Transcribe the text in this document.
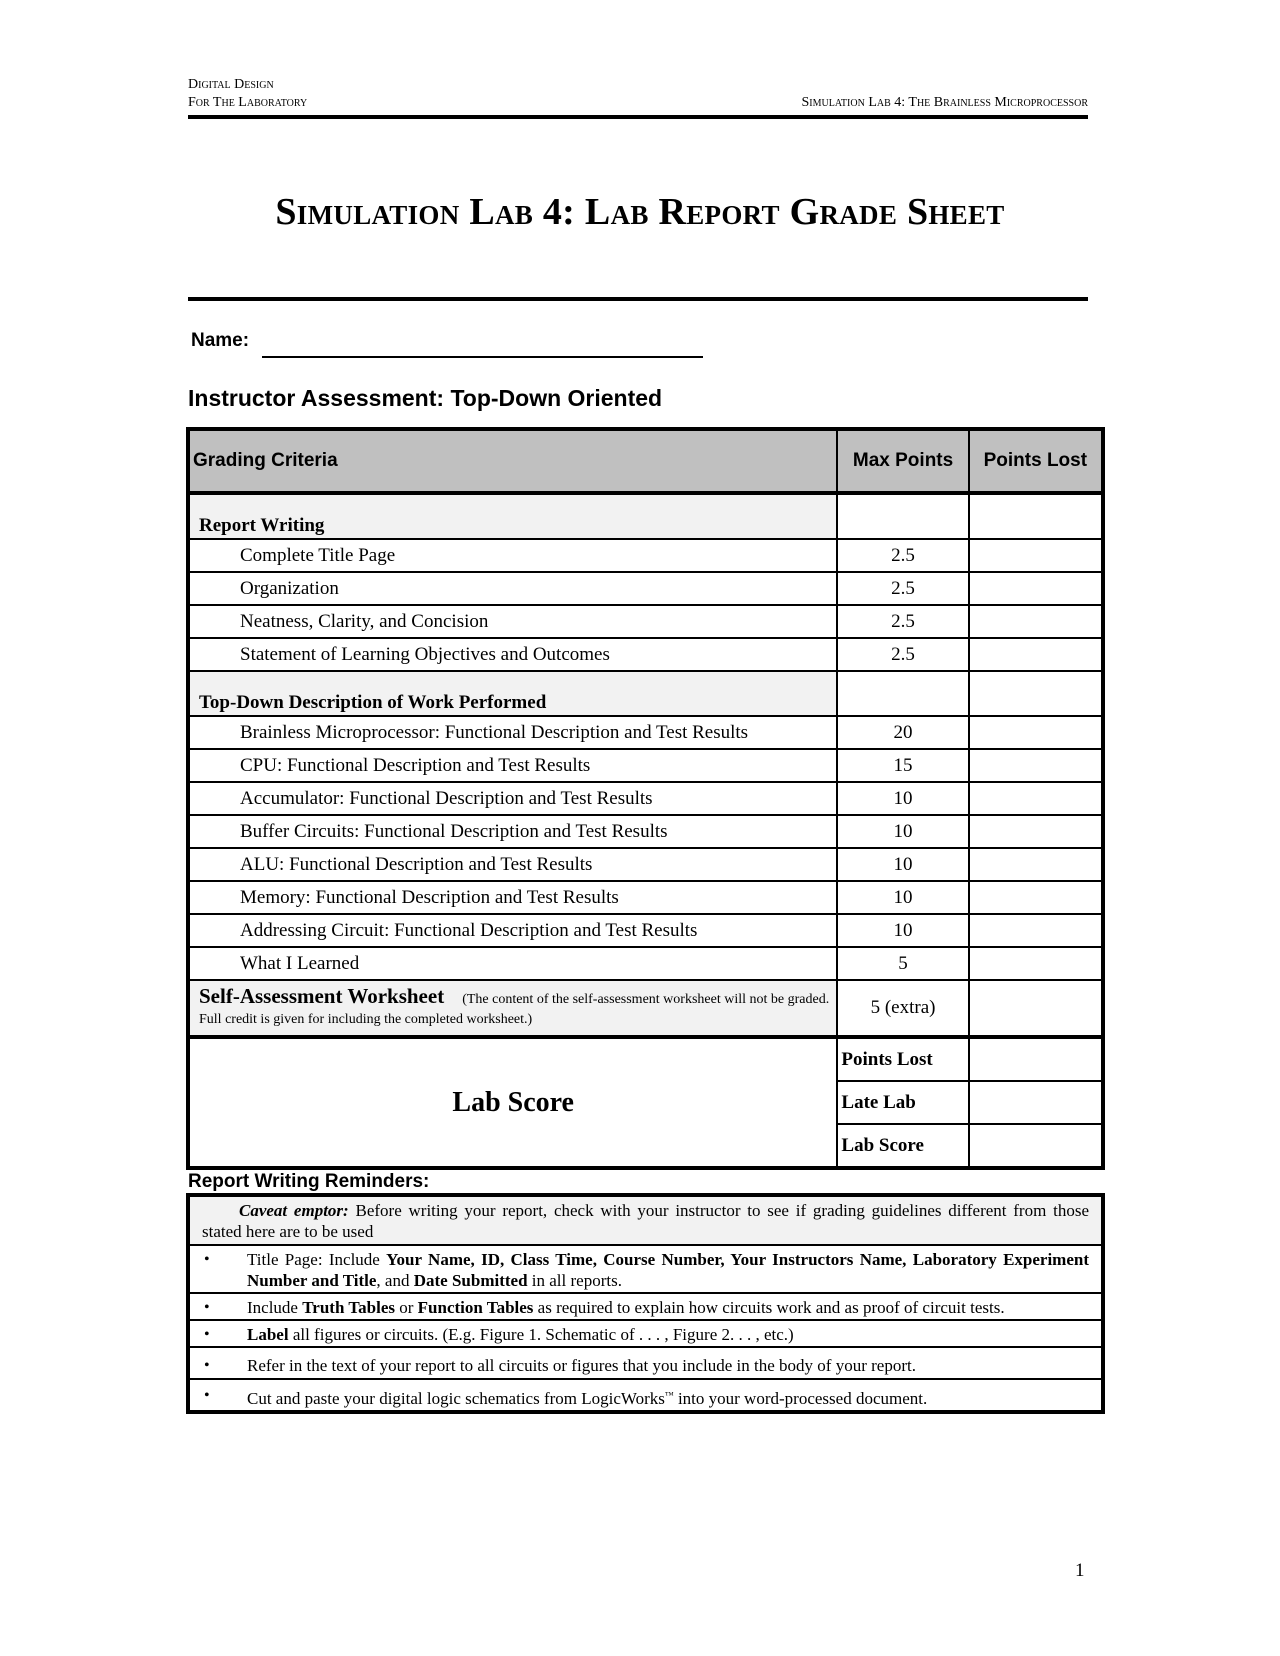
Digital Design
For The Laboratory	Simulation Lab 4: The Brainless Microprocessor
Simulation Lab 4: Lab Report Grade Sheet
Name:
Instructor Assessment: Top-Down Oriented
Grading Criteria	Max Points	Points Lost
Report Writing		
Complete Title Page	2.5	
Organization	2.5	
Neatness, Clarity, and Concision	2.5	
Statement of Learning Objectives and Outcomes	2.5	
Top-Down Description of Work Performed		
Brainless Microprocessor: Functional Description and Test Results	20	
CPU: Functional Description and Test Results	15	
Accumulator: Functional Description and Test Results	10	
Buffer Circuits: Functional Description and Test Results	10	
ALU: Functional Description and Test Results	10	
Memory: Functional Description and Test Results	10	
Addressing Circuit: Functional Description and Test Results	10	
What I Learned	5	
Self-Assessment Worksheet (The content of the self-assessment worksheet will not be graded. Full credit is given for including the completed worksheet.)	5 (extra)	
Lab Score	Points Lost	
	Late Lab	
	Lab Score	
Report Writing Reminders:
Caveat emptor: Before writing your report, check with your instructor to see if grading guidelines different from those stated here are to be used

•	Title Page: Include Your Name, ID, Class Time, Course Number, Your Instructors Name, Laboratory Experiment Number and Title, and Date Submitted in all reports.

•	Include Truth Tables or Function Tables as required to explain how circuits work and as proof of circuit tests.

•	Label all figures or circuits. (E.g. Figure 1. Schematic of . . . , Figure 2. . . , etc.)

•	Refer in the text of your report to all circuits or figures that you include in the body of your report.

•	Cut and paste your digital logic schematics from LogicWorks™ into your word-processed document.
1
